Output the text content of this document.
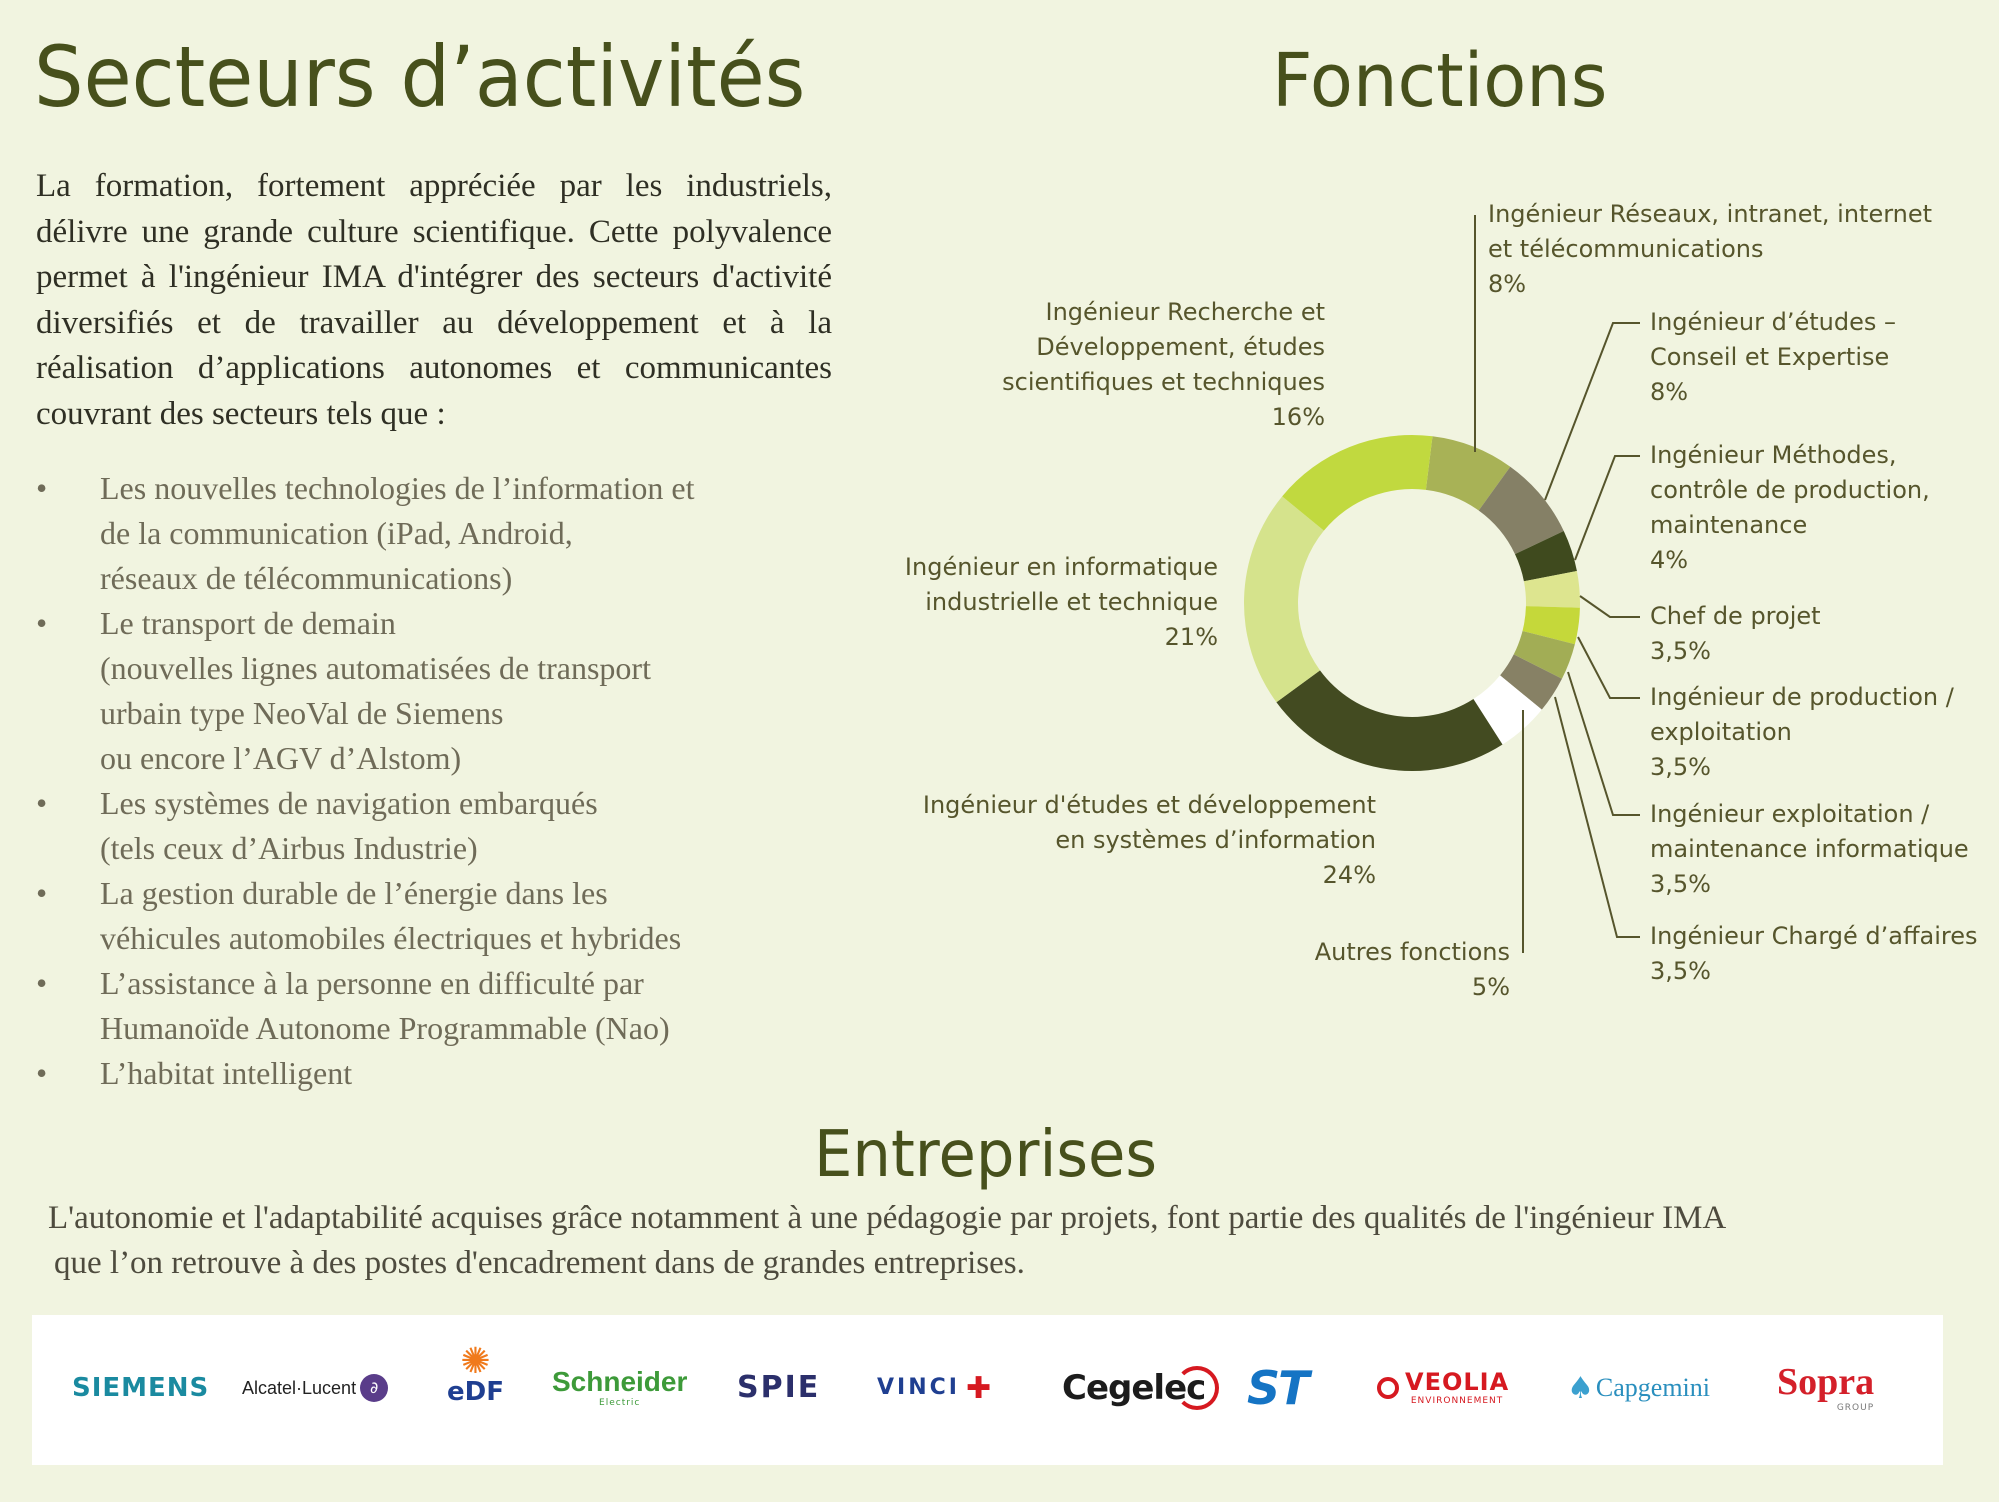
Secteurs d’activités

La formation, fortement appréciée par les industriels, délivre une grande culture scientifique. Cette polyvalence permet à l'ingénieur IMA d'intégrer des secteurs d'activité diversifiés et de travailler au développement et à la réalisation d’applications autonomes et communicantes couvrant des secteurs tels que :

•	Les nouvelles technologies de l’information et
de la communication (iPad, Android,
réseaux de télécommunications)
•	Le transport de demain
(nouvelles lignes automatisées de transport
urbain type NeoVal de Siemens
ou encore l’AGV d’Alstom)
•	Les systèmes de navigation embarqués
(tels ceux d’Airbus Industrie)
•	La gestion durable de l’énergie dans les
véhicules automobiles électriques et hybrides
•	L’assistance à la personne en difficulté par
Humanoïde Autonome Programmable (Nao)
•	L’habitat intelligent
Fonctions
Ingénieur Réseaux, intranet, internet
et télécommunications
8%
Ingénieur d’études –
Conseil et Expertise
8%
Ingénieur Méthodes,
contrôle de production,
maintenance
4%
Chef de projet
3,5%
Ingénieur de production /
exploitation
3,5%
Ingénieur exploitation /
maintenance informatique
3,5%
Ingénieur Chargé d’affaires
3,5%
Autres fonctions
5%
Ingénieur d'études et développement
en systèmes d’information
24%
Ingénieur en informatique
industrielle et technique
21%
Ingénieur Recherche et
Développement, études
scientifiques et techniques
16%
Entreprises

L'autonomie et l'adaptabilité acquises grâce notamment à une pédagogie par projets, font partie des qualités de l'ingénieur IMA
que l’on retrouve à des postes d'encadrement dans de grandes entreprises.

SIEMENS Alcatel·Lucent ∂
✺
eDF Schneider
Electric	SPIE	VINCI ✚ Cegelec ST	VEOLIA
ENVIRONNEMENT ♠ Capgemini Sopra
GROUP
